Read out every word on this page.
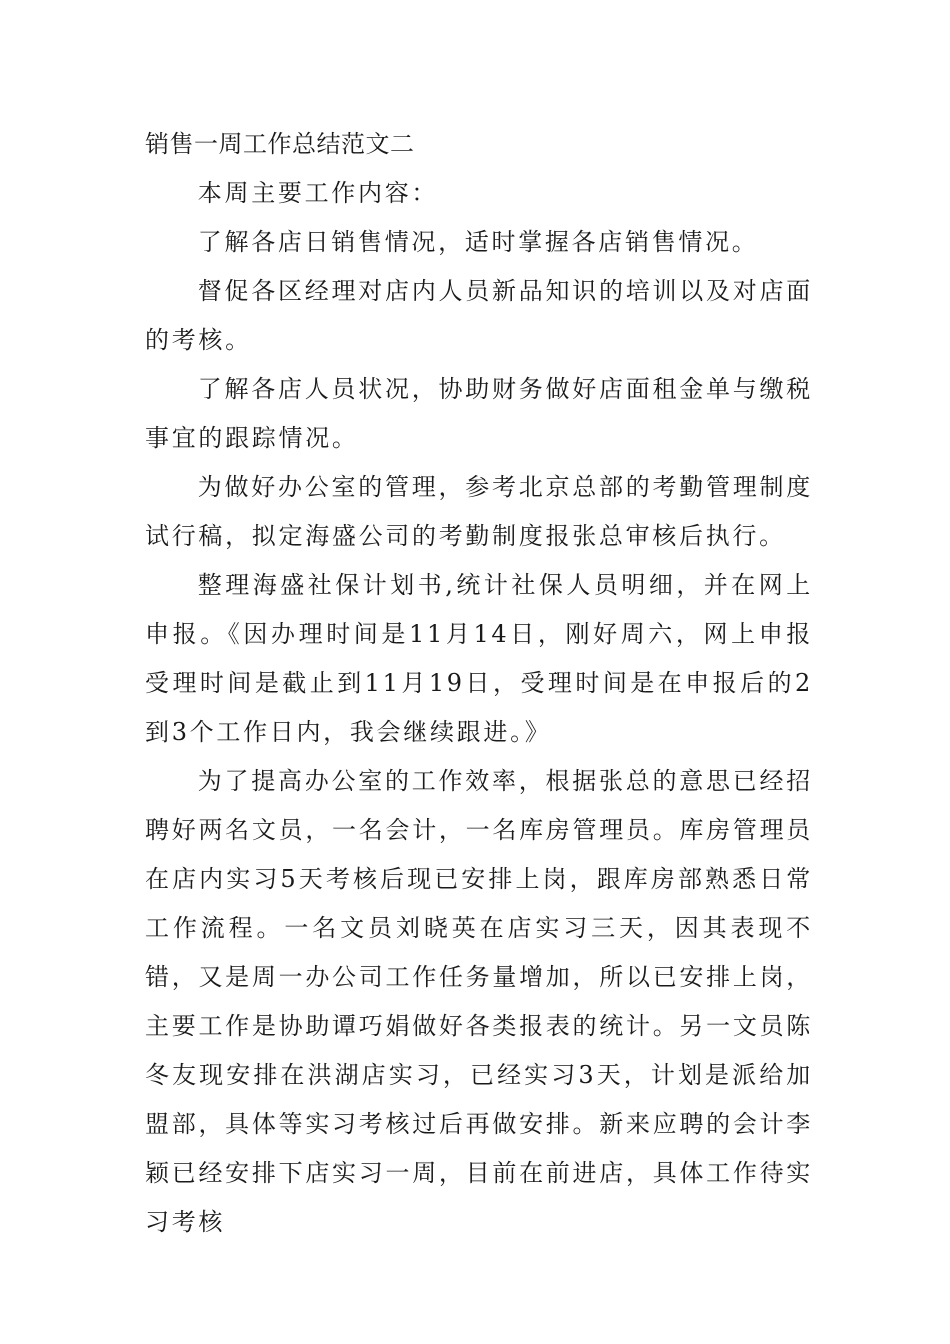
销售一周工作总结范文二

本周主要工作内容：

了解各店日销售情况，适时掌握各店销售情况。

督促各区经理对店内人员新品知识的培训以及对店面的考核。

了解各店人员状况，协助财务做好店面租金单与缴税事宜的跟踪情况。

为做好办公室的管理，参考北京总部的考勤管理制度试行稿，拟定海盛公司的考勤制度报张总审核后执行。

整理海盛社保计划书,统计社保人员明细，并在网上申报。《因办理时间是11月14日，刚好周六，网上申报受理时间是截止到11月19日，受理时间是在申报后的2到3个工作日内，我会继续跟进。》

为了提高办公室的工作效率，根据张总的意思已经招聘好两名文员，一名会计，一名库房管理员。库房管理员在店内实习5天考核后现已安排上岗，跟库房部熟悉日常工作流程。一名文员刘晓英在店实习三天，因其表现不错，又是周一办公司工作任务量增加，所以已安排上岗，主要工作是协助谭巧娟做好各类报表的统计。另一文员陈冬友现安排在洪湖店实习，已经实习3天，计划是派给加盟部，具体等实习考核过后再做安排。新来应聘的会计李颖已经安排下店实习一周，目前在前进店，具体工作待实习考核
